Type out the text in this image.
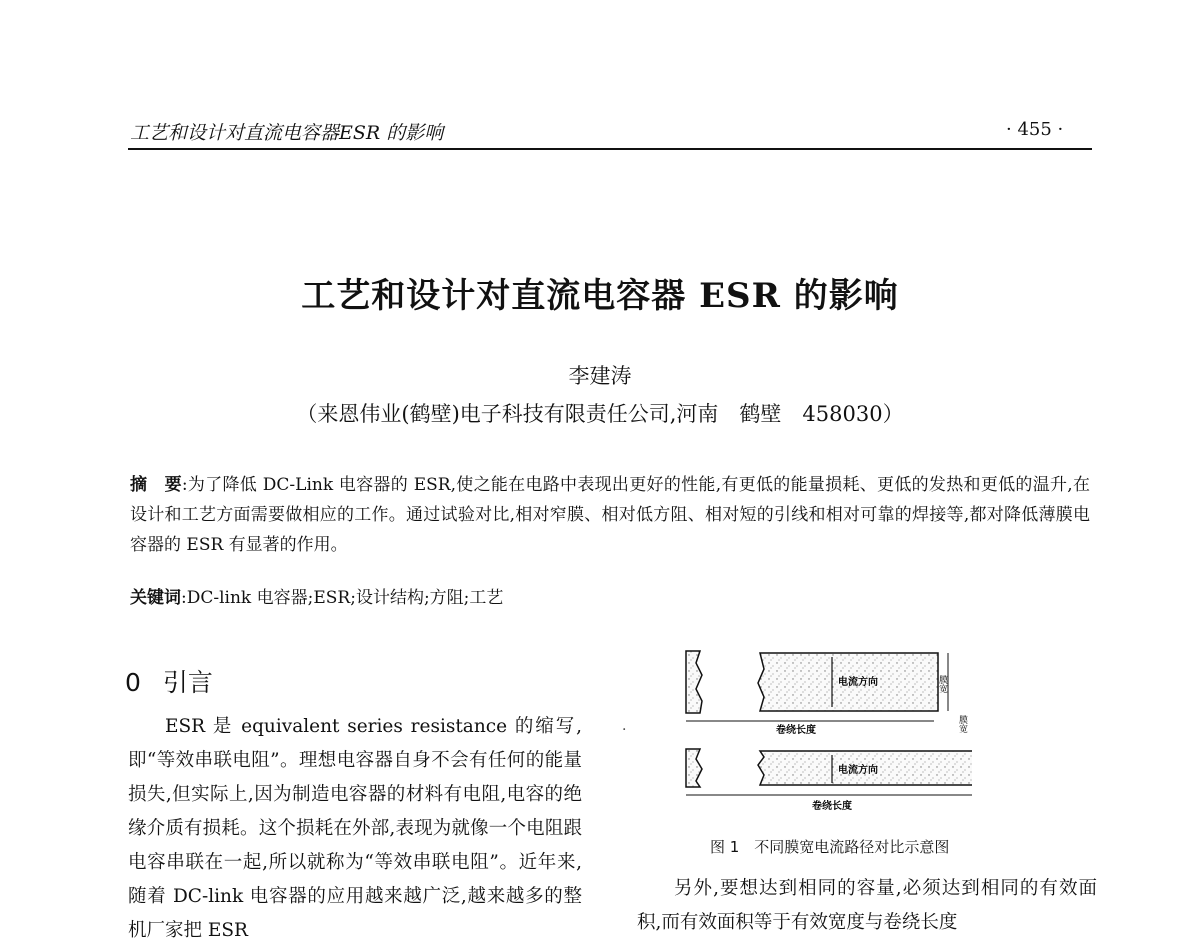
工艺和设计对直流电容器ESR 的影响	· 455 ·
工艺和设计对直流电容器 ESR 的影响
李建涛
（来恩伟业(鹤壁)电子科技有限责任公司,河南　鹤壁　458030）
摘　要:为了降低 DC-Link 电容器的 ESR,使之能在电路中表现出更好的性能,有更低的能量损耗、更低的发热和更低的温升,在设计和工艺方面需要做相应的工作。通过试验对比,相对窄膜、相对低方阻、相对短的引线和相对可靠的焊接等,都对降低薄膜电容器的 ESR 有显著的作用。
关键词:DC-link 电容器;ESR;设计结构;方阻;工艺
0 引言
ESR 是 equivalent series resistance 的缩写,即“等效串联电阻”。理想电容器自身不会有任何的能量损失,但实际上,因为制造电容器的材料有电阻,电容的绝缘介质有损耗。这个损耗在外部,表现为就像一个电阻跟电容串联在一起,所以就称为“等效串联电阻”。近年来,随着 DC-link 电容器的应用越来越广泛,越来越多的整机厂家把 ESR
·
电流方向	膜宽
卷绕长度
电流方向
卷绕长度
膜宽
图 1　不同膜宽电流路径对比示意图
另外,要想达到相同的容量,必须达到相同的有效面积,而有效面积等于有效宽度与卷绕长度
